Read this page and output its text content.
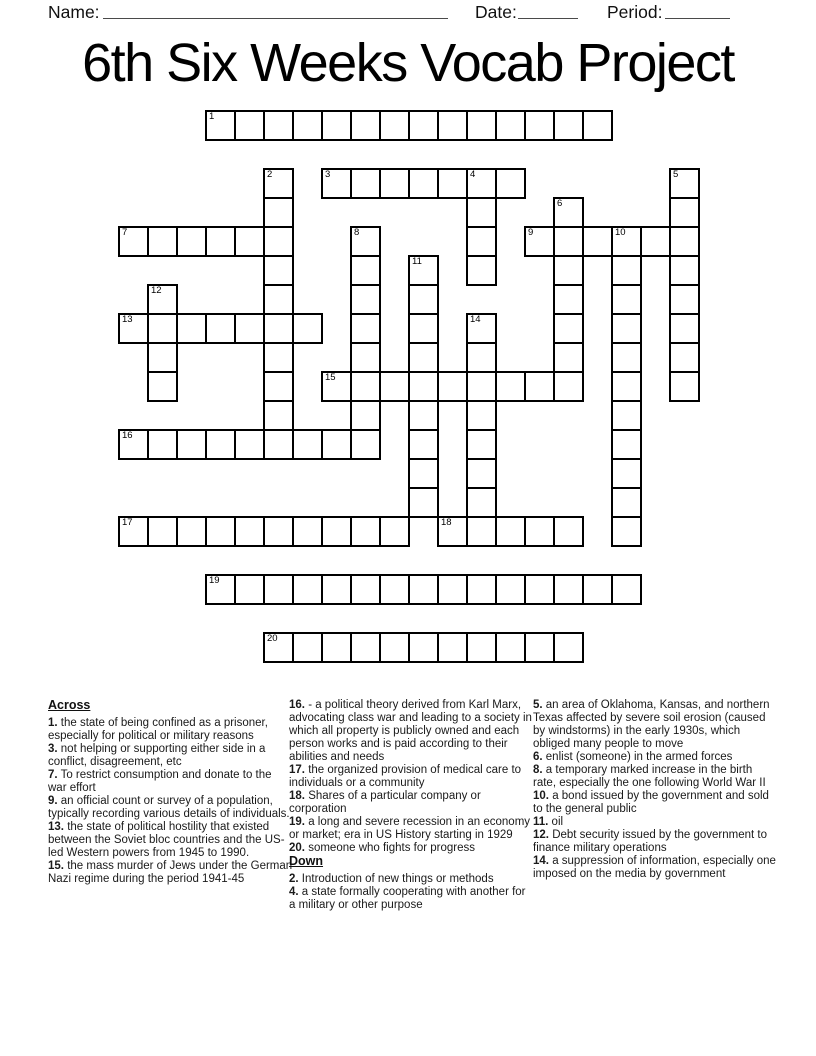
Name:	Date:	Period:
6th Six Weeks Vocab Project
1
2	3	4	5
6
7	8	9	10
11
12
13	14
15
16
17	18
19
20
Across
1. the state of being confined as a prisoner, especially for political or military reasons
3. not helping or supporting either side in a conflict, disagreement, etc
7. To restrict consumption and donate to the war effort
9. an official count or survey of a population, typically recording various details of individuals.
13. the state of political hostility that existed between the Soviet bloc countries and the US-led Western powers from 1945 to 1990.
15. the mass murder of Jews under the German Nazi regime during the period 1941-45
16. - a political theory derived from Karl Marx, advocating class war and leading to a society in which all property is publicly owned and each person works and is paid according to their abilities and needs
17. the organized provision of medical care to individuals or a community
18. Shares of a particular company or corporation
19. a long and severe recession in an economy or market; era in US History starting in 1929
20. someone who fights for progress
Down
2. Introduction of new things or methods
4. a state formally cooperating with another for a military or other purpose
5. an area of Oklahoma, Kansas, and northern Texas affected by severe soil erosion (caused by windstorms) in the early 1930s, which obliged many people to move
6. enlist (someone) in the armed forces
8. a temporary marked increase in the birth rate, especially the one following World War II
10. a bond issued by the government and sold to the general public
11. oil
12. Debt security issued by the government to finance military operations
14. a suppression of information, especially one imposed on the media by government
